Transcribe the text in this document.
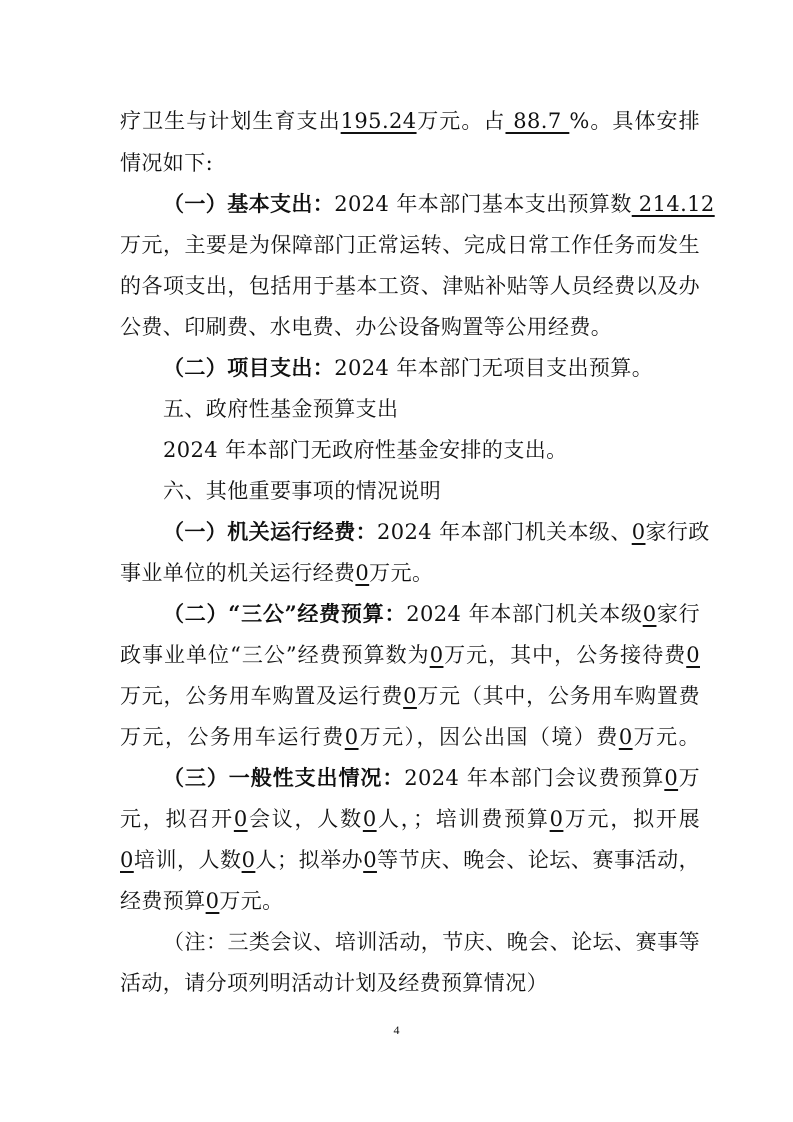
疗卫生与计划生育支出195.24万元。占 88.7 %。具体安排
情况如下:
（一）基本支出：2024 年本部门基本支出预算数 214.12
万元，主要是为保障部门正常运转、完成日常工作任务而发生
的各项支出，包括用于基本工资、津贴补贴等人员经费以及办
公费、印刷费、水电费、办公设备购置等公用经费。
（二）项目支出：2024 年本部门无项目支出预算。
五、政府性基金预算支出
2024 年本部门无政府性基金安排的支出。
六、其他重要事项的情况说明
（一）机关运行经费：2024 年本部门机关本级、0家行政
事业单位的机关运行经费0万元。
（二）“三公”经费预算：2024 年本部门机关本级0家行
政事业单位“三公”经费预算数为0万元，其中，公务接待费0
万元，公务用车购置及运行费0万元（其中，公务用车购置费
万元，公务用车运行费0万元），因公出国（境）费0万元。
（三）一般性支出情况：2024 年本部门会议费预算0万
元，拟召开0会议，人数0人，；培训费预算0万元，拟开展
0培训，人数0人；拟举办0等节庆、晚会、论坛、赛事活动，
经费预算0万元。
（注：三类会议、培训活动，节庆、晚会、论坛、赛事等
活动，请分项列明活动计划及经费预算情况）
4
